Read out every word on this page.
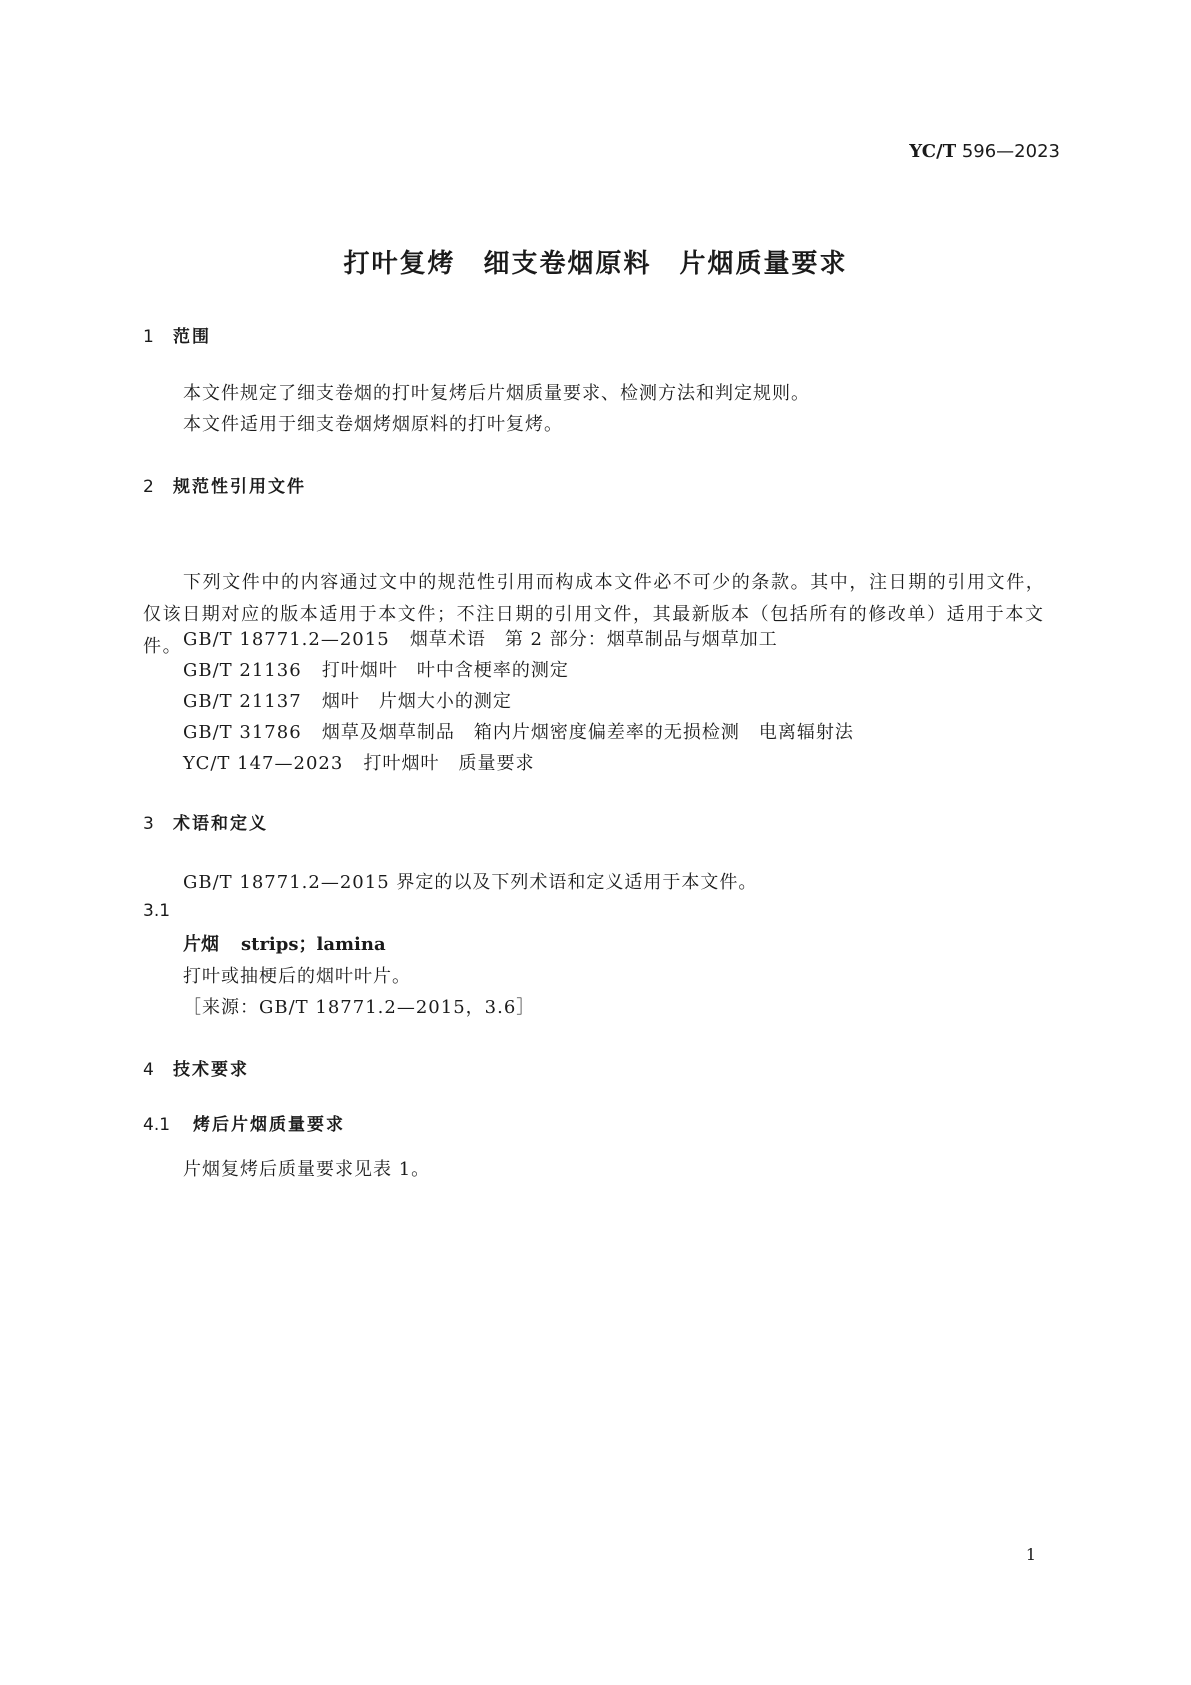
YC/T 596—2023
打叶复烤　细支卷烟原料　片烟质量要求
1 范围

本文件规定了细支卷烟的打叶复烤后片烟质量要求、检测方法和判定规则。

本文件适用于细支卷烟烤烟原料的打叶复烤。

2 规范性引用文件

下列文件中的内容通过文中的规范性引用而构成本文件必不可少的条款。其中，注日期的引用文件，仅该日期对应的版本适用于本文件；不注日期的引用文件，其最新版本（包括所有的修改单）适用于本文件。 GB/T 18771.2—2015 烟草术语　第 2 部分：烟草制品与烟草加工

GB/T 21136 打叶烟叶　叶中含梗率的测定

GB/T 21137 烟叶　片烟大小的测定

GB/T 31786 烟草及烟草制品　箱内片烟密度偏差率的无损检测　电离辐射法

YC/T 147—2023 打叶烟叶　质量要求

3 术语和定义

GB/T 18771.2—2015 界定的以及下列术语和定义适用于本文件。

3.1
片烟 strips；lamina

打叶或抽梗后的烟叶叶片。

［来源：GB/T 18771.2—2015，3.6］

4 技术要求
4.1 烤后片烟质量要求

片烟复烤后质量要求见表 1。

1
